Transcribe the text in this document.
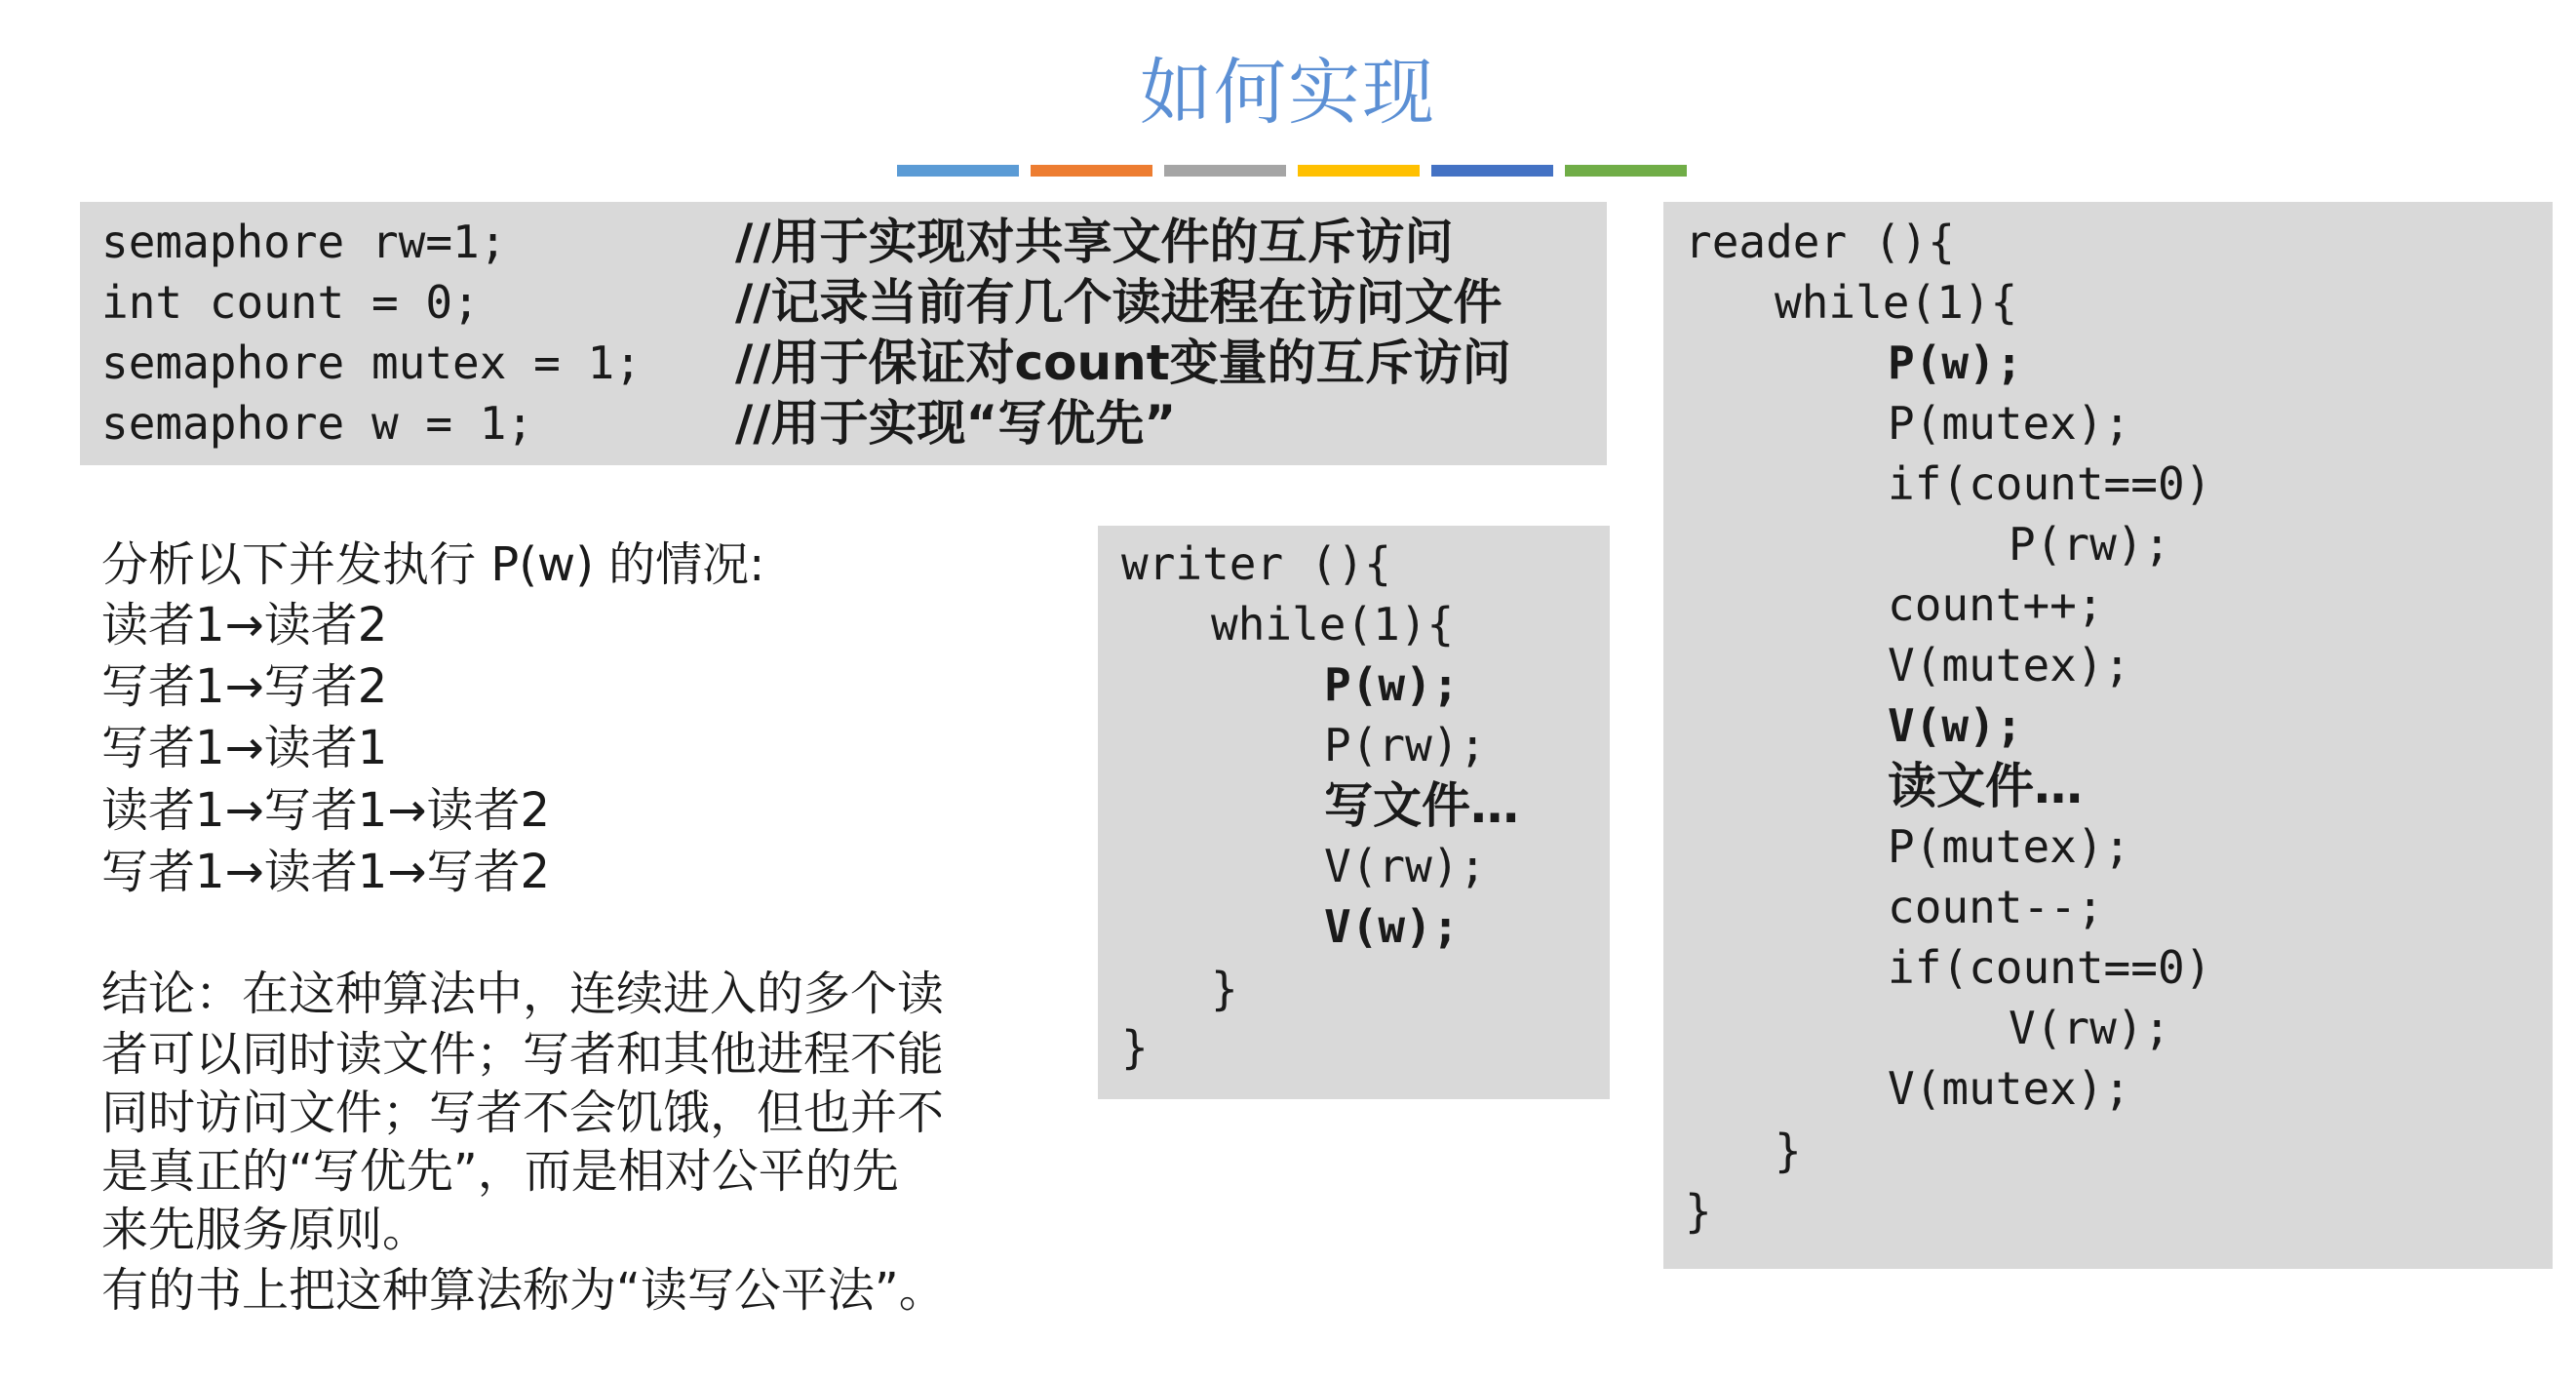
如何实现
semaphore rw=1;	//用于实现对共享文件的互斥访问
int count = 0;	//记录当前有几个读进程在访问文件
semaphore mutex = 1; //用于保证对count变量的互斥访问
semaphore w = 1;	//用于实现“写优先”
分析以下并发执行 P(w) 的情况:
读者1→读者2
写者1→写者2
写者1→读者1
读者1→写者1→读者2
写者1→读者1→写者2
结论：在这种算法中，连续进入的多个读
者可以同时读文件；写者和其他进程不能
同时访问文件；写者不会饥饿，但也并不
是真正的“写优先”，而是相对公平的先
来先服务原则。
有的书上把这种算法称为“读写公平法”。
writer (){
while(1){
P(w);
P(rw);
写文件…
V(rw);
V(w);
}
}
reader (){
while(1){
P(w);
P(mutex);
if(count==0)
P(rw);
count++;
V(mutex);
V(w);
读文件…
P(mutex);
count--;
if(count==0)
V(rw);
V(mutex);
}
}
